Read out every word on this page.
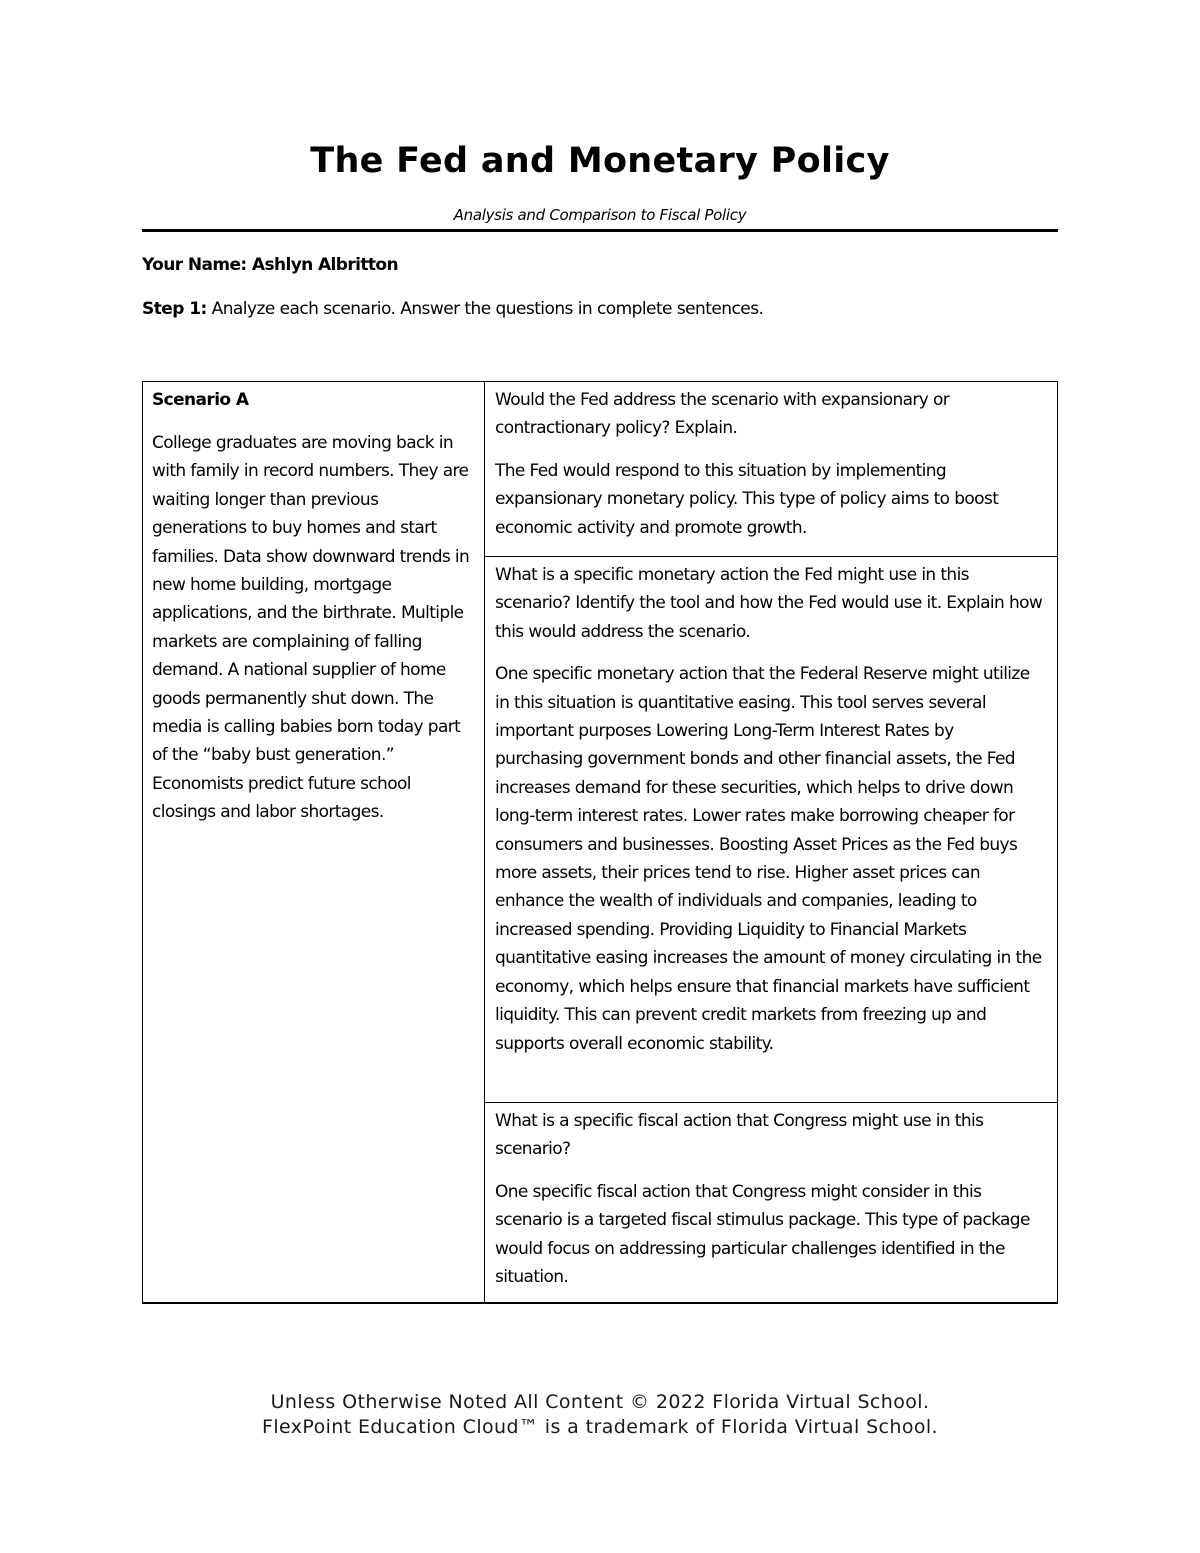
The Fed and Monetary Policy
Analysis and Comparison to Fiscal Policy
Your Name: Ashlyn Albritton
Step 1: Analyze each scenario. Answer the questions in complete sentences.

Scenario A

College graduates are moving back in with family in record numbers. They are waiting longer than previous generations to buy homes and start families. Data show downward trends in new home building, mortgage applications, and the birthrate. Multiple markets are complaining of falling demand. A national supplier of home goods permanently shut down. The media is calling babies born today part of the “baby bust generation.” Economists predict future school closings and labor shortages.

Would the Fed address the scenario with expansionary or contractionary policy? Explain.

The Fed would respond to this situation by implementing expansionary monetary policy. This type of policy aims to boost economic activity and promote growth.

What is a specific monetary action the Fed might use in this scenario? Identify the tool and how the Fed would use it. Explain how this would address the scenario.

One specific monetary action that the Federal Reserve might utilize in this situation is quantitative easing. This tool serves several important purposes Lowering Long-Term Interest Rates by purchasing government bonds and other financial assets, the Fed increases demand for these securities, which helps to drive down long-term interest rates. Lower rates make borrowing cheaper for consumers and businesses. Boosting Asset Prices as the Fed buys more assets, their prices tend to rise. Higher asset prices can enhance the wealth of individuals and companies, leading to increased spending. Providing Liquidity to Financial Markets quantitative easing increases the amount of money circulating in the economy, which helps ensure that financial markets have sufficient liquidity. This can prevent credit markets from freezing up and supports overall economic stability.

What is a specific fiscal action that Congress might use in this scenario?

One specific fiscal action that Congress might consider in this scenario is a targeted fiscal stimulus package. This type of package would focus on addressing particular challenges identified in the situation.

Unless Otherwise Noted All Content © 2022 Florida Virtual School.
FlexPoint Education Cloud™ is a trademark of Florida Virtual School.
